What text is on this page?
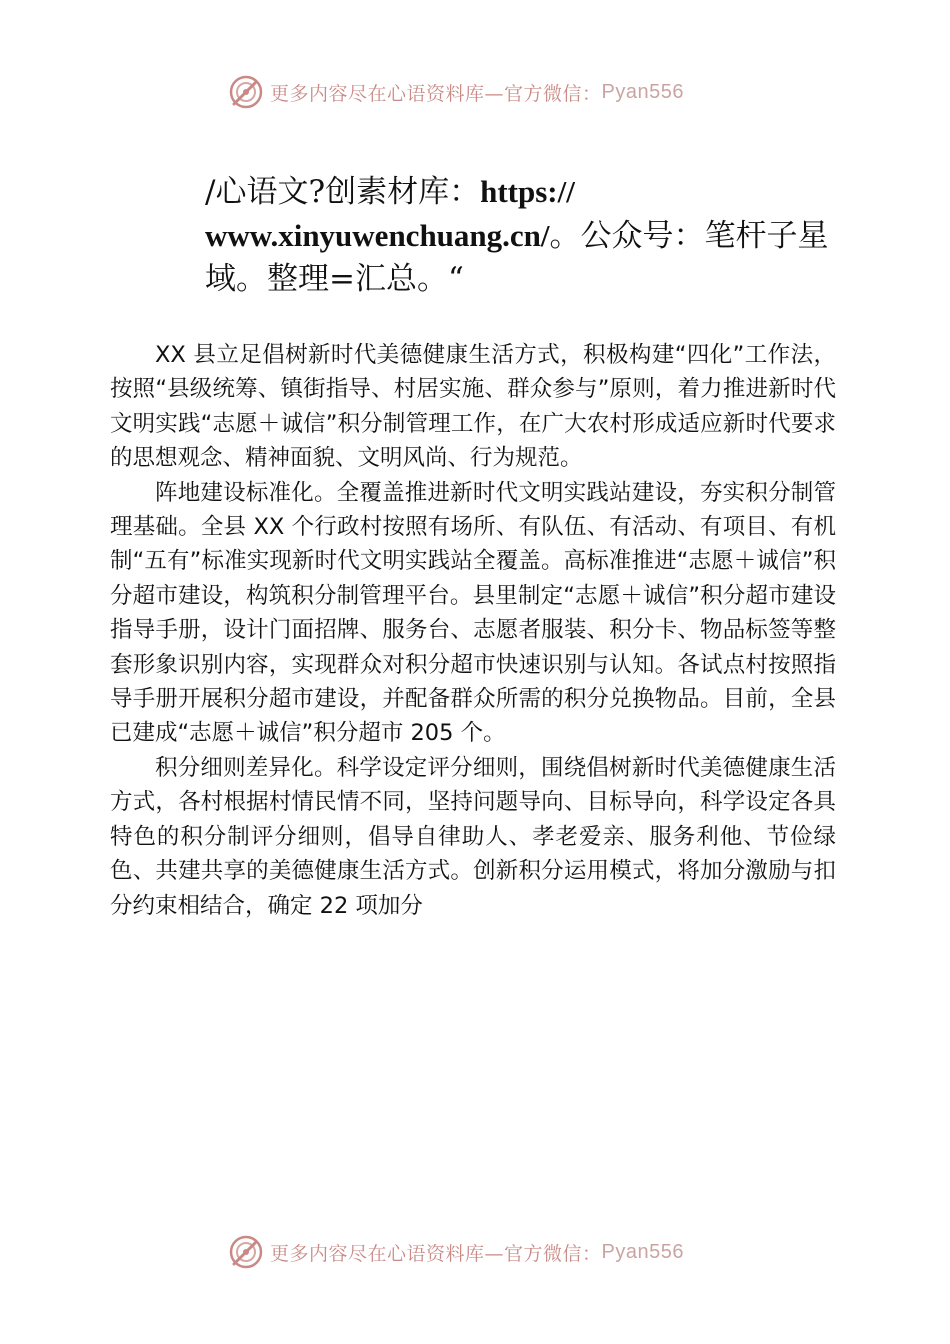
更多内容尽在心语资料库—官方微信： Pyan556
/心语文?创素材库：https://
www.xinyuwenchuang.cn/。公众号：笔杆子星域。整理=汇总。“

XX 县立足倡树新时代美德健康生活方式，积极构建“四化”工作法，按照“县级统筹、镇街指导、村居实施、群众参与”原则，着力推进新时代文明实践“志愿＋诚信”积分制管理工作，在广大农村形成适应新时代要求的思想观念、精神面貌、文明风尚、行为规范。

阵地建设标准化。全覆盖推进新时代文明实践站建设，夯实积分制管理基础。全县 XX 个行政村按照有场所、有队伍、有活动、有项目、有机制“五有”标准实现新时代文明实践站全覆盖。高标准推进“志愿＋诚信”积分超市建设，构筑积分制管理平台。县里制定“志愿＋诚信”积分超市建设指导手册，设计门面招牌、服务台、志愿者服装、积分卡、物品标签等整套形象识别内容，实现群众对积分超市快速识别与认知。各试点村按照指导手册开展积分超市建设，并配备群众所需的积分兑换物品。目前，全县已建成“志愿＋诚信”积分超市 205 个。

积分细则差异化。科学设定评分细则，围绕倡树新时代美德健康生活方式，各村根据村情民情不同，坚持问题导向、目标导向，科学设定各具特色的积分制评分细则，倡导自律助人、孝老爱亲、服务利他、节俭绿色、共建共享的美德健康生活方式。创新积分运用模式，将加分激励与扣分约束相结合，确定 22 项加分

更多内容尽在心语资料库—官方微信： Pyan556
